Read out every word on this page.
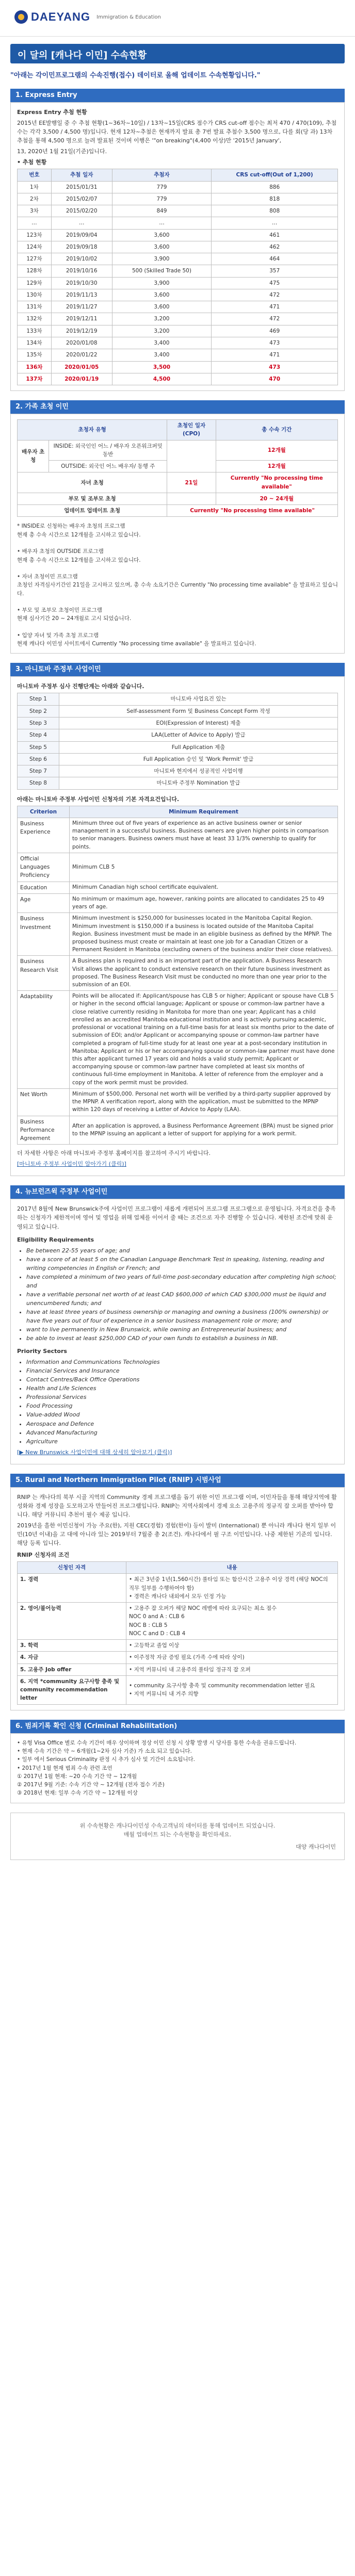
DAEYANG Immigration & Education
이 달의 [캐나다 이민] 수속현황
"아래는 각이민프로그램의 수속진행(접수) 데이터로 올해 업데이트 수속현황입니다."
1. Express Entry

Express Entry 추첨 현황

2015년 EE발행일 중 수 추첨 현황(1~36차~10일) / 13차~15일(CRS 점수가 CRS cut-off 점수는 최저 470 / 470(109), 추첨 수는 각각 3,500 / 4,500 명)입니다. 현재 12차~추첨은 현재까지 발표 총 7번 발표 추첨수 3,500 명으로, 다를 회(당 과) 13차 추첨을 통해 4,500 명으로 늘려 발표된 것이며 이행은 '"on breaking"(4,400 이상)만 '2015년 January',

13, 2020년 1월 21일(기준)입니다.

• 추첨 현황

번호	추첨 일자	추첨자	CRS cut-off(Out of 1,200)
1차	2015/01/31	779	886
2차	2015/02/07	779	818
3차	2015/02/20	849	808
…	…	…	…
123차	2019/09/04	3,600	461
124차	2019/09/18	3,600	462
127차	2019/10/02	3,900	464
128차	2019/10/16	500 (Skilled Trade 50)	357
129차	2019/10/30	3,900	475
130차	2019/11/13	3,600	472
131차	2019/11/27	3,600	471
132차	2019/12/11	3,200	472
133차	2019/12/19	3,200	469
134차	2020/01/08	3,400	473
135차	2020/01/22	3,400	471
136차	2020/01/05	3,500	473
137차	2020/01/19	4,500	470
2. 가족 초청 이민
초청자 유형		초청인 일자(CPO)	총 수속 기간
배우자 초청	INSIDE: 외국인인 어느 / 배우자 오픈워크퍼밋 동반		12개월
	OUTSIDE: 외국인 어느 배우자/ 동행 주		12개월
자녀 초청		21일	Currently "No processing time available"
부모 및 조부모 초청			20 ~ 24개월
업데이트 업데이트 초청		Currently "No processing time available"	
* INSIDE로 신청하는 배우자 초청의 프로그램
현재 총 수속 시간으로 12개월을 고시하고 있습니다.

• 배우자 초청의 OUTSIDE 프로그램
현재 총 수속 시간으로 12개월을 고시하고 있습니다.

• 자녀 초청이민 프로그램
초청인 자격심사기간인 21일을 고시하고 있으며, 총 수속 소요기간은 Currently "No processing time available" 을 발표하고 있습니다.

• 부모 및 조부모 초청이민 프로그램
현재 심사기간 20 ~ 24개월로 고시 되었습니다.

• 입양 자녀 및 가족 초청 프로그램
현재 캐나다 이민성 사이트에서 Currently "No processing time available" 을 발표하고 있습니다.
3. 마니토바 주정부 사업이민

마니토바 주정부 심사 진행단계는 아래와 같습니다.

Step 1	마니토바 사업요건 있는
Step 2	Self-assessment Form 및 Business Concept Form 작성
Step 3	EOI(Expression of Interest) 제출
Step 4	LAA(Letter of Advice to Apply) 발급
Step 5	Full Application 제출
Step 6	Full Application 승인 및 'Work Permit' 발급
Step 7	마니토바 현지에서 성공적인 사업이행
Step 8	마니토바 주정부 Nomination 발급

아래는 마니토바 주정부 사업이민 신청자의 기본 자격요건입니다.

Criterion	Minimum Requirement
Business Experience	Minimum three out of five years of experience as an active business owner or senior management in a successful business. Business owners are given higher points in comparison to senior managers. Business owners must have at least 33 1/3% ownership to qualify for points.
Official Languages Proficiency	Minimum CLB 5
Education	Minimum Canadian high school certificate equivalent.
Age	No minimum or maximum age, however, ranking points are allocated to candidates 25 to 49 years of age.
Business Investment	Minimum investment is $250,000 for businesses located in the Manitoba Capital Region. Minimum investment is $150,000 if a business is located outside of the Manitoba Capital Region. Business investment must be made in an eligible business as defined by the MPNP. The proposed business must create or maintain at least one job for a Canadian Citizen or a Permanent Resident in Manitoba (excluding owners of the business and/or their close relatives).
Business Research Visit	A Business plan is required and is an important part of the application. A Business Research Visit allows the applicant to conduct extensive research on their future business investment as proposed. The Business Research Visit must be conducted no more than one year prior to the submission of an EOI.
Adaptability	Points will be allocated if: Applicant/spouse has CLB 5 or higher; Applicant or spouse have CLB 5 or higher in the second official language; Applicant or spouse or common-law partner have a close relative currently residing in Manitoba for more than one year; Applicant has a child enrolled as an accredited Manitoba educational institution and is actively pursuing academic, professional or vocational training on a full-time basis for at least six months prior to the date of submission of EOI; and/or Applicant or accompanying spouse or common-law partner have completed a program of full-time study for at least one year at a post-secondary institution in Manitoba; Applicant or his or her accompanying spouse or common-law partner must have done this after applicant turned 17 years old and holds a valid study permit; Applicant or accompanying spouse or common-law partner have completed at least six months of continuous full-time employment in Manitoba. A letter of reference from the employer and a copy of the work permit must be provided.
Net Worth	Minimum of $500,000. Personal net worth will be verified by a third-party supplier approved by the MPNP. A verification report, along with the application, must be submitted to the MPNP within 120 days of receiving a Letter of Advice to Apply (LAA).
Business Performance Agreement	After an application is approved, a Business Performance Agreement (BPA) must be signed prior to the MPNP issuing an applicant a letter of support for applying for a work permit.

더 자세한 사항은 아래 마니토바 주정부 홈페이지를 참고하여 주시기 바랍니다.

[마니토바 주정부 사업이민 알아가기 (클릭)]

4. 뉴브런즈윅 주정부 사업이민

2017년 8월에 New Brunswick주에 사업이민 프로그램이 새롭게 개편되어 프로그램 프로그램으로 운영됩니다. 자격요건을 충족하는 신청자가 제한적이며 영어 및 영업을 위해 업체를 이어서 줄 때는 조건으로 자주 진행할 수 있습니다. 제한된 조건에 맞춰 운영되고 있습니다.

Eligibility Requirements

• Be between 22-55 years of age; and
• have a score of at least 5 on the Canadian Language Benchmark Test in speaking, listening, reading and writing competencies in English or French; and
• have completed a minimum of two years of full-time post-secondary education after completing high school; and
• have a verifiable personal net worth of at least CAD $600,000 of which CAD $300,000 must be liquid and unencumbered funds; and
• have at least three years of business ownership or managing and owning a business (100% ownership) or have five years out of four of experience in a senior business management role or more; and
• want to live permanently in New Brunswick, while owning an Entrepreneurial business; and
• be able to invest at least $250,000 CAD of your own funds to establish a business in NB.

Priority Sectors

• Information and Communications Technologies
• Financial Services and Insurance
• Contact Centres/Back Office Operations
• Health and Life Sciences
• Professional Services
• Food Processing
• Value-added Wood
• Aerospace and Defence
• Advanced Manufacturing
• Agriculture

[▶ New Brunswick 사업이민에 대해 상세히 알아보기 (클릭)]

5. Rural and Northern Immigration Pilot (RNIP) 시범사업

RNIP 는 캐나다의 북부 시골 지역의 Community 경제 프로그램을 돕기 위한 이민 프로그램 이며, 이민자들을 통해 해당지역에 활성화와 경제 성장을 도모하고자 만들어진 프로그램입니다. RNIP는 지역사회에서 경제 요소 고용주의 정규직 잡 오퍼를 받아야 합니다. 해당 커뮤니티 추천이 필수 제공 입니다.

2019년을 흘한 이민신청이 가능 주요(한), 지원 CEC(경험) 경험(한이) 등이 발미 (International) 뿐 아니라 캐나다 현지 일부 이민(10년 이내)을 고 대에 아니라 있는 2019부터 7월중 총 2(조건). 캐나다에서 필 구조 이민입니다. 나중 제한된 기준의 입니다. 해당 등록 입니다.

RNIP 신청자의 조건

신청인 자격	내용
1. 경력	• 최근 3년중 1년(1,560시간) 풀타임 또는 합산시간 고용주 이상 경력 (해당 NOC의 직무 일부를 수행하여야 함)
• 경력은 캐나다 내외에서 모두 인정 가능
2. 영어/불어능력	• 고용주 잡 오퍼가 해당 NOC 레벨에 따라 요구되는 최소 점수
NOC 0 and A : CLB 6
NOC B : CLB 5
NOC C and D : CLB 4
3. 학력	• 고등학교 졸업 이상
4. 자금	• 이주정착 자금 증빙 필요 (가족 수에 따라 상이)
5. 고용주 Job offer	• 지역 커뮤니티 내 고용주의 풀타임 정규직 잡 오퍼
6. 지역 *community 요구사항 충족 및 community recommendation letter	• community 요구사항 충족 및 community recommendation letter 필요
• 지역 커뮤니티 내 거주 의향
6. 범죄기록 확인 신청 (Criminal Rehabilitation)
• 유형 Visa Office 별로 수속 기간이 매우 상이하며 정상 이민 신청 시 상황 발생 시 당사를 통한 수속을 권유드립니다.
• 현재 수속 기간은 약 ~ 6개월(1~2차 심사 기준) 가 소요 되고 있습니다.
• 일부 에서 Serious Criminality 판정 시 추가 심사 및 기간이 소요됩니다.
• 2017년 1월 현재 범죄 수속 관련 조언
① 2017년 1월 현재: ~20 수속 기간 약 ~ 12개월
② 2017년 9월 기준: 수속 기간 약 ~ 12개월 (전자 접수 기준)
③ 2018년 현재: 일부 수속 기간 약 ~ 12개월 이상
위 수속현황은 캐나다이민성 수속고객님의 데이터를 통해 업데이트 되었습니다.
매월 업데이트 되는 수속현황을 확인하세요.
대양 캐나다이민
